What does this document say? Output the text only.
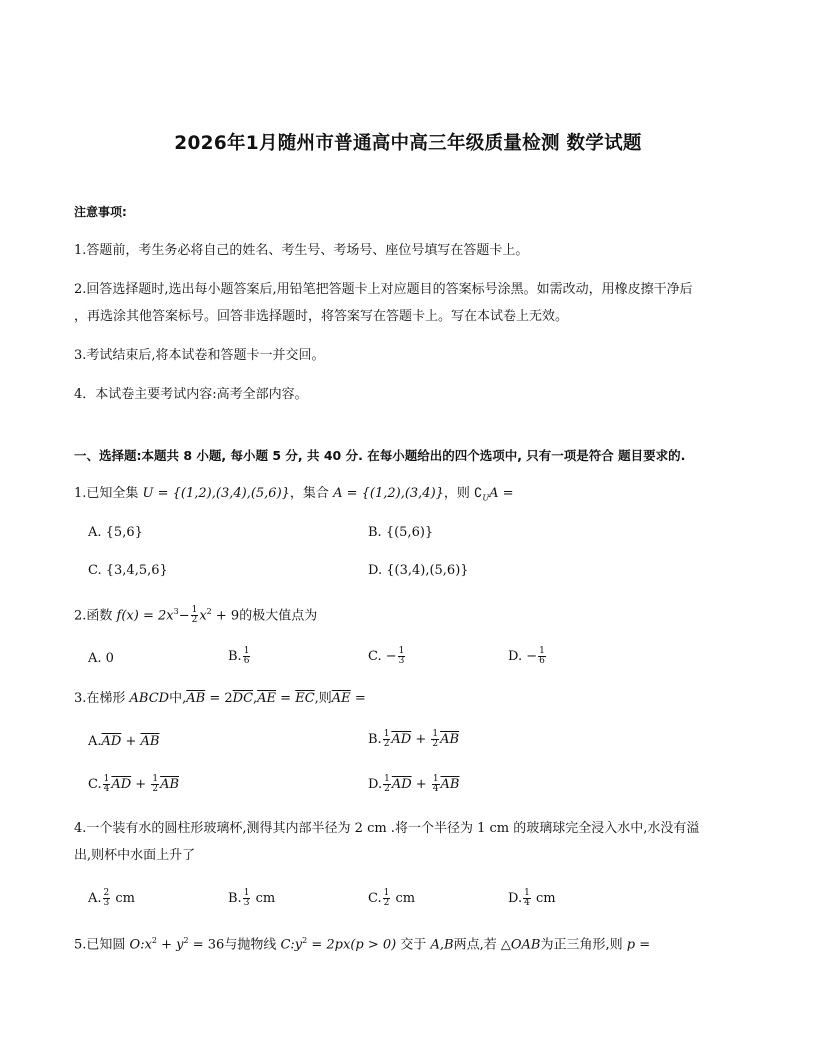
2026年1月随州市普通高中高三年级质量检测 数学试题
注意事项:
1.答题前，考生务必将自己的姓名、考生号、考场号、座位号填写在答题卡上。
2.回答选择题时,选出每小题答案后,用铅笔把答题卡上对应题目的答案标号涂黑。如需改动，用橡皮擦干净后
，再选涂其他答案标号。回答非选择题时，将答案写在答题卡上。写在本试卷上无效。
3.考试结束后,将本试卷和答题卡一并交回。
4．本试卷主要考试内容:高考全部内容。
一、选择题:本题共 8 小题, 每小题 5 分, 共 40 分. 在每小题给出的四个选项中, 只有一项是符合 题目要求的.
1.已知全集 U = {(1,2),(3,4),(5,6)}，集合 A = {(1,2),(3,4)}，则 $∁_UA$ =
A. {5,6}	B. {(5,6)}
C. {3,4,5,6}	D. {(3,4),(5,6)}
2.函数 $f(x) = 2x^3- \frac{1}{2} x^2 + 9$的极大值点为
A. 0	B. $\frac{1}{6}$	C. − $\frac{1}{3}$	D. − $\frac{1}{6}$
3.在梯形 ABCD中$,\overline{AB} = 2\overline{DC},\overline{AE} = \overline{EC}$,则$\overline{AE}$ =
$A.\overline{AD} + \overline{AB}$	B. $\frac{1}{2} \overline{AD} + \frac{1}{2} \overline{AB}$
C. $\frac{1}{4} \overline{AD} + \frac{1}{2} \overline{AB}$	D. $\frac{1}{2} \overline{AD} + \frac{1}{4} \overline{AB}$
4.一个装有水的圆柱形玻璃杯,测得其内部半径为 2 cm .将一个半径为 1 cm 的玻璃球完全浸入水中,水没有溢
出,则杯中水面上升了
A. $\frac{2}{3}$ cm	B. $\frac{1}{3}$ cm	C. $\frac{1}{2}$ cm	D. $\frac{1}{4}$ cm
5.已知圆 $O:x^2 + y^2 = 36$与抛物线 $C:y^2 = 2px(p > 0)$ 交于 A,B两点,若 △OAB为正三角形,则 p =
